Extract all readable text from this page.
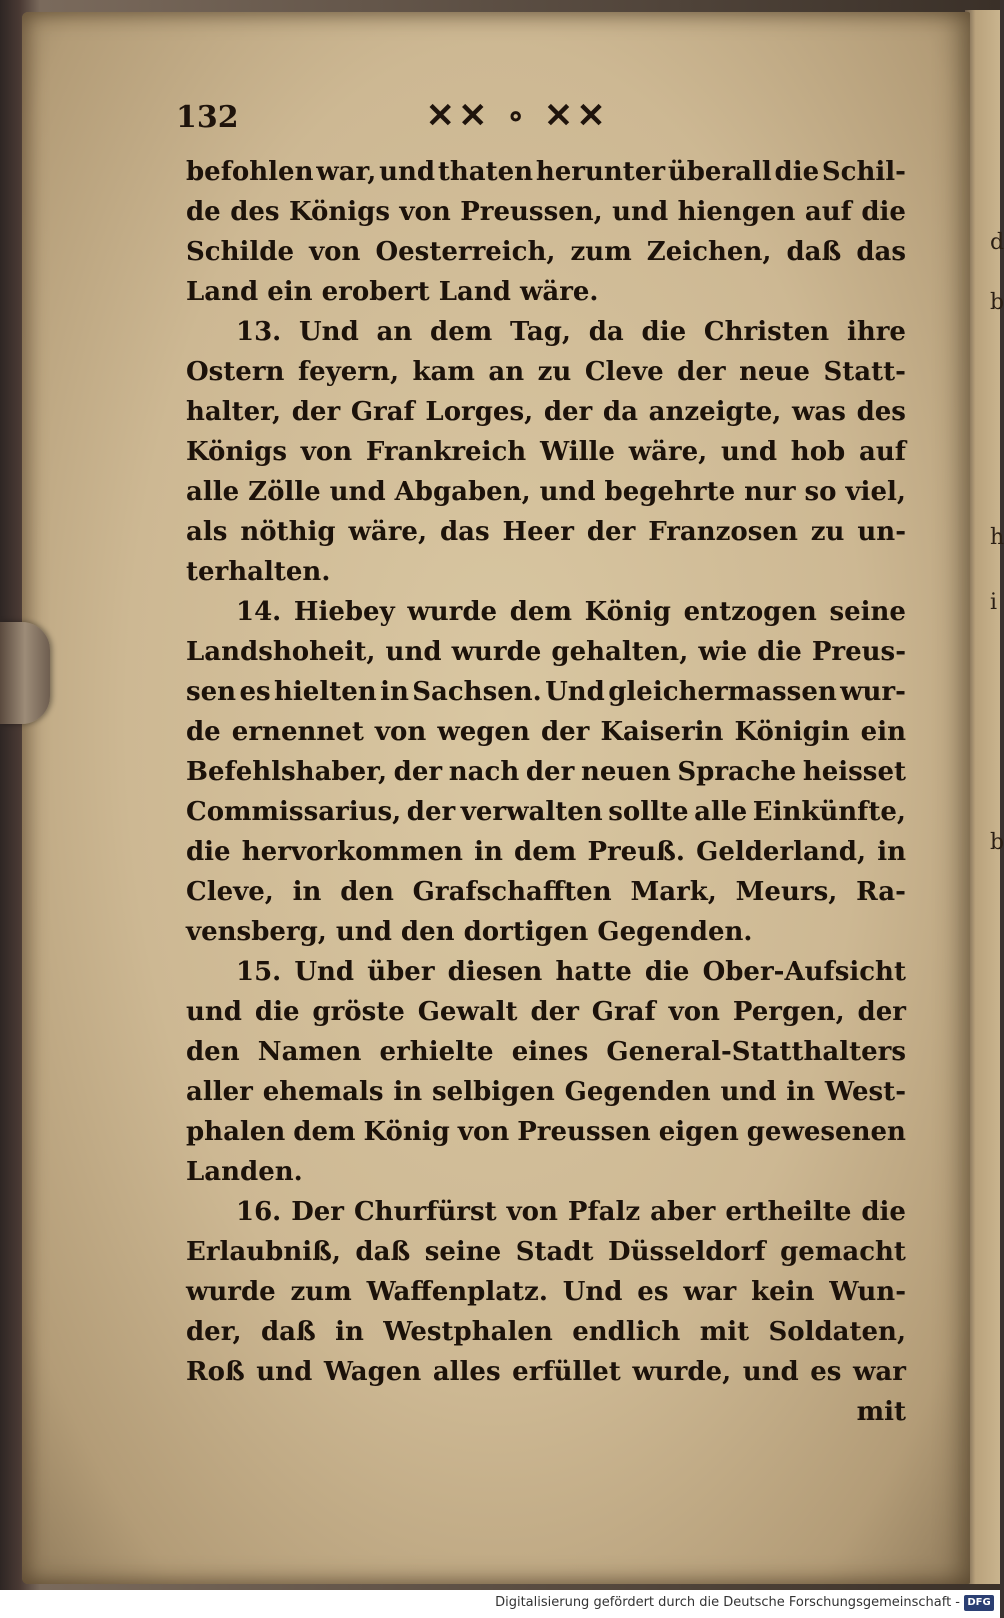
d
b
h
i
b
132	✕✕ ∘ ✕✕
befohlen war, und thaten herunter überall die Schil-
de des Königs von Preussen, und hiengen auf die
Schilde von Oesterreich, zum Zeichen, daß das
Land ein erobert Land wäre.
13. Und an dem Tag, da die Christen ihre
Ostern feyern, kam an zu Cleve der neue Statt-
halter, der Graf Lorges, der da anzeigte, was des
Königs von Frankreich Wille wäre, und hob auf
alle Zölle und Abgaben, und begehrte nur so viel,
als nöthig wäre, das Heer der Franzosen zu un-
terhalten.
14. Hiebey wurde dem König entzogen seine
Landshoheit, und wurde gehalten, wie die Preus-
sen es hielten in Sachsen. Und gleichermassen wur-
de ernennet von wegen der Kaiserin Königin ein
Befehlshaber, der nach der neuen Sprache heisset
Commissarius, der verwalten sollte alle Einkünfte,
die hervorkommen in dem Preuß. Gelderland, in
Cleve, in den Grafschafften Mark, Meurs, Ra-
vensberg, und den dortigen Gegenden.
15. Und über diesen hatte die Ober-Aufsicht
und die gröste Gewalt der Graf von Pergen, der
den Namen erhielte eines General-Statthalters
aller ehemals in selbigen Gegenden und in West-
phalen dem König von Preussen eigen gewesenen
Landen.
16. Der Churfürst von Pfalz aber ertheilte die
Erlaubniß, daß seine Stadt Düsseldorf gemacht
wurde zum Waffenplatz. Und es war kein Wun-
der, daß in Westphalen endlich mit Soldaten,
Roß und Wagen alles erfüllet wurde, und es war
mit
Digitalisierung gefördert durch die Deutsche Forschungsgemeinschaft - DFG
